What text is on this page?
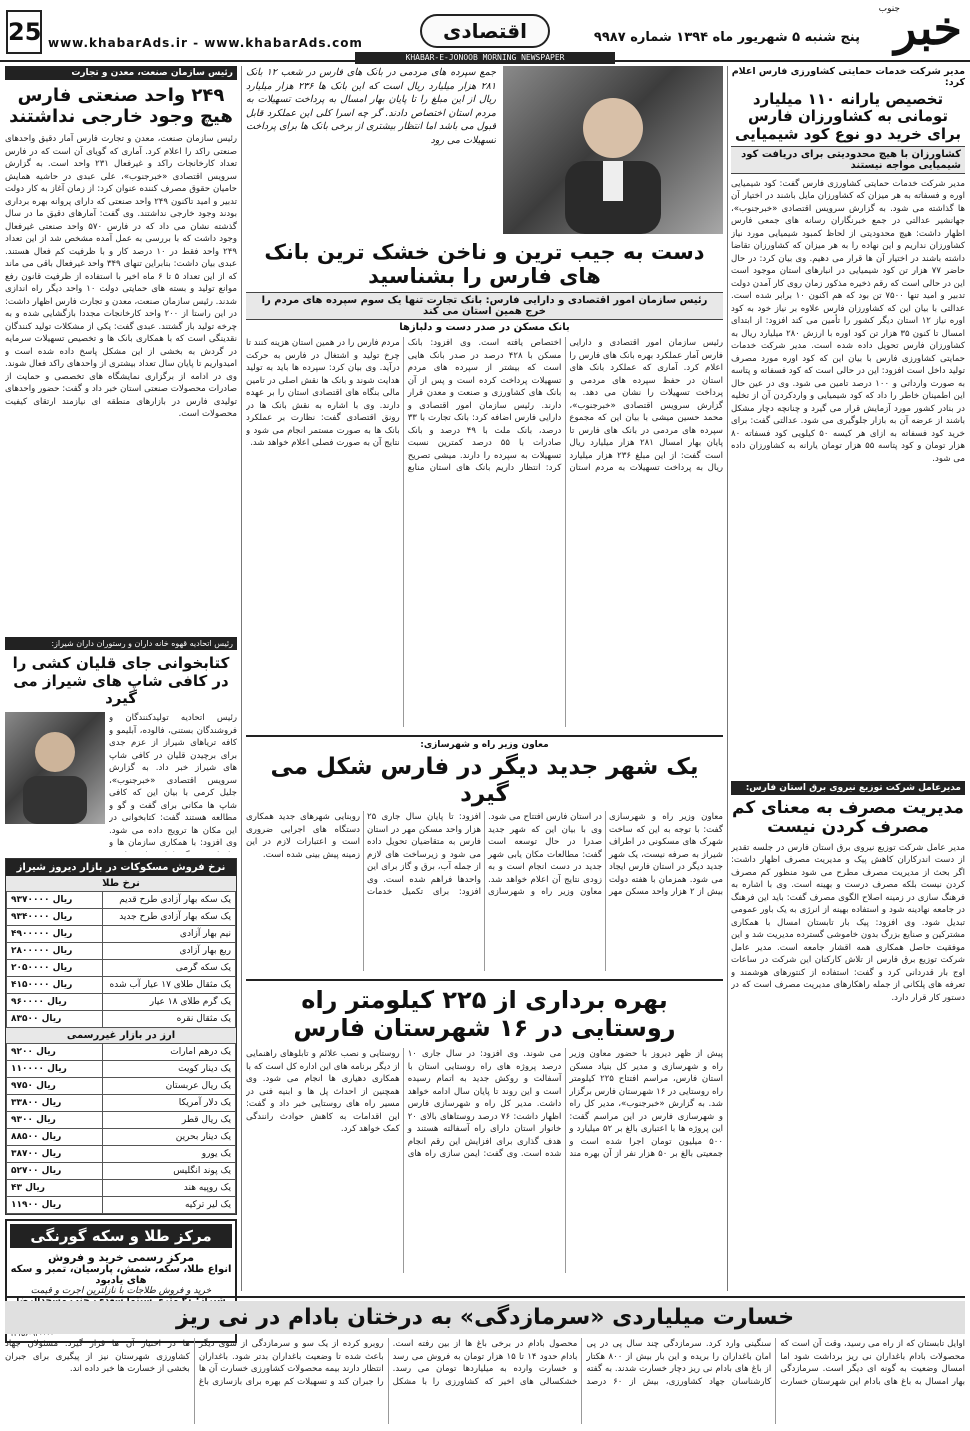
خبر
جنوب
پنج شنبه ۵ شهریور ماه ۱۳۹۴ شماره ۹۹۸۷
اقتصادی
KHABAR-E-JONOOB MORNING NEWSPAPER
www.khabarAds.ir - www.khabarAds.com
25
مدیر شرکت خدمات حمایتی کشاورزی فارس اعلام کرد:
تخصیص یارانه ۱۱۰ میلیارد تومانی به کشاورزان فارس برای خرید دو نوع کود شیمیایی
کشاورزان با هیچ محدودیتی برای دریافت کود شیمیایی مواجه نیستند
مدیر شرکت خدمات حمایتی کشاورزی فارس گفت: کود شیمیایی اوره و فسفاته به هر میزان که کشاورزان مایل باشند در اختیار آن ها گذاشته می شود. به گزارش سرویس اقتصادی «خبرجنوب»، جهانشیر عدالتی در جمع خبرنگاران رسانه های جمعی فارس اظهار داشت: هیچ محدودیتی از لحاظ کمبود شیمیایی مورد نیاز کشاورزان نداریم و این نهاده را به هر میزان که کشاورزان تقاضا داشته باشند در اختیار آن ها قرار می دهیم. وی بیان کرد: در حال حاضر ۷۷ هزار تن کود شیمیایی در انبارهای استان موجود است این در حالی است که رقم ذخیره مذکور زمان روی کار آمدن دولت تدبیر و امید تنها ۷۵۰۰ تن بود که هم اکنون ۱۰ برابر شده است. عدالتی با بیان این که کشاورزان فارس علاوه بر نیاز خود به کود اوره نیاز ۱۲ استان دیگر کشور را تأمین می کند افزود: از ابتدای امسال تا کنون ۳۵ هزار تن کود اوره با ارزش ۲۸۰ میلیارد ریال به کشاورزان فارس تحویل داده شده است. مدیر شرکت خدمات حمایتی کشاورزی فارس با بیان این که کود اوره مورد مصرف تولید داخل است افزود: این در حالی است که کود فسفاته و پتاسه به صورت وارداتی و ۱۰۰ درصد تامین می شود. وی در عین حال این اطمینان خاطر را داد که کود شیمیایی و واردکردن آن از تخلیه در بنادر کشور مورد آزمایش قرار می گیرد و چنانچه دچار مشکل باشند از عرضه آن به بازار جلوگیری می شود. عدالتی گفت: برای خرید کود فسفاته به ازای هر کیسه ۵۰ کیلویی کود فسفاته ۸۰ هزار تومان و کود پتاسه ۵۵ هزار تومان یارانه به کشاورزان داده می شود.
مدیرعامل شرکت توزیع نیروی برق استان فارس:
مدیریت مصرف به معنای کم مصرف کردن نیست
مدیر عامل شرکت توزیع نیروی برق استان فارس در جلسه تقدیر از دست اندرکاران کاهش پیک و مدیریت مصرف اظهار داشت: اگر بحث از مدیریت مصرف مطرح می شود منظور کم مصرف کردن نیست بلکه مصرف درست و بهینه است. وی با اشاره به فرهنگ سازی در زمینه اصلاح الگوی مصرف گفت: باید این فرهنگ در جامعه نهادینه شود و استفاده بهینه از انرژی به یک باور عمومی تبدیل شود. وی افزود: پیک بار تابستان امسال با همکاری مشترکین و صنایع بزرگ بدون خاموشی گسترده مدیریت شد و این موفقیت حاصل همکاری همه اقشار جامعه است. مدیر عامل شرکت توزیع برق فارس از تلاش کارکنان این شرکت در ساعات اوج بار قدردانی کرد و گفت: استفاده از کنتورهای هوشمند و تعرفه های پلکانی از جمله راهکارهای مدیریت مصرف است که در دستور کار قرار دارد.
جمع سپرده های مردمی در بانک های فارس در شعب ۱۲ بانک ۲۸۱ هزار میلیارد ریال است که این بانک ها ۲۳۶ هزار میلیارد ریال از این مبلغ را تا پایان بهار امسال به پرداخت تسهیلات به مردم استان اختصاص دادند. گر چه اسرا کلی این عملکرد قابل قبول می باشد اما انتظار بیشتری از برخی بانک ها برای پرداخت تسهیلات می رود
دست به جیب ترین و ناخن خشک ترین بانک های فارس را بشناسید
رئیس سازمان امور اقتصادی و دارایی فارس: بانک تجارت تنها یک سوم سپرده های مردم را خرج همین استان می کند
بانک مسکن در صدر دست و دلبازها
رئیس سازمان امور اقتصادی و دارایی فارس آمار عملکرد بهره بانک های فارس را اعلام کرد. آماری که عملکرد بانک های استان در حفظ سپرده های مردمی و پرداخت تسهیلات را نشان می دهد. به گزارش سرویس اقتصادی «خبرجنوب»، محمد حسین میشی با بیان این که مجموع سپرده های مردمی در بانک های فارس تا پایان بهار امسال ۲۸۱ هزار میلیارد ریال است گفت: از این مبلغ ۲۳۶ هزار میلیارد ریال به پرداخت تسهیلات به مردم استان اختصاص یافته است. وی افزود: بانک مسکن با ۴۲۸ درصد در صدر بانک هایی است که بیشتر از سپرده های مردم تسهیلات پرداخت کرده است و پس از آن بانک های کشاورزی و صنعت و معدن قرار دارند. رئیس سازمان امور اقتصادی و دارایی فارس اضافه کرد: بانک تجارت با ۳۳ درصد، بانک ملت با ۴۹ درصد و بانک صادرات با ۵۵ درصد کمترین نسبت تسهیلات به سپرده را دارند. میشی تصریح کرد: انتظار داریم بانک های استان منابع مردم فارس را در همین استان هزینه کنند تا چرخ تولید و اشتغال در فارس به حرکت درآید. وی بیان کرد: سپرده ها باید به تولید هدایت شوند و بانک ها نقش اصلی در تامین مالی بنگاه های اقتصادی استان را بر عهده دارند. وی با اشاره به نقش بانک ها در رونق اقتصادی گفت: نظارت بر عملکرد بانک ها به صورت مستمر انجام می شود و نتایج آن به صورت فصلی اعلام خواهد شد.
معاون وزیر راه و شهرسازی:
یک شهر جدید دیگر در فارس شکل می گیرد
معاون وزیر راه و شهرسازی گفت: با توجه به این که ساخت شهرک های مسکونی در اطراف شیراز به صرفه نیست، یک شهر جدید دیگر در استان فارس ایجاد می شود. همزمان با هفته دولت بیش از ۲ هزار واحد مسکن مهر در استان فارس افتتاح می شود. وی با بیان این که شهر جدید صدرا در حال توسعه است گفت: مطالعات مکان یابی شهر جدید در دست انجام است و به زودی نتایج آن اعلام خواهد شد. معاون وزیر راه و شهرسازی افزود: تا پایان سال جاری ۲۵ هزار واحد مسکن مهر در استان فارس به متقاضیان تحویل داده می شود و زیرساخت های لازم از جمله آب، برق و گاز برای این واحدها فراهم شده است. وی افزود: برای تکمیل خدمات روبنایی شهرهای جدید همکاری دستگاه های اجرایی ضروری است و اعتبارات لازم در این زمینه پیش بینی شده است.
بهره برداری از ۲۲۵ کیلومتر راه روستایی در ۱۶ شهرستان فارس
پیش از ظهر دیروز با حضور معاون وزیر راه و شهرسازی و مدیر کل بنیاد مسکن استان فارس، مراسم افتتاح ۲۲۵ کیلومتر راه روستایی در ۱۶ شهرستان فارس برگزار شد. به گزارش «خبرجنوب»، مدیر کل راه و شهرسازی فارس در این مراسم گفت: این پروژه ها با اعتباری بالغ بر ۵۲ میلیارد و ۵۰۰ میلیون تومان اجرا شده است و جمعیتی بالغ بر ۵۰ هزار نفر از آن بهره مند می شوند. وی افزود: در سال جاری ۱۰ درصد پروژه های راه روستایی استان با آسفالت و روکش جدید به اتمام رسیده است و این روند تا پایان سال ادامه خواهد داشت. مدیر کل راه و شهرسازی فارس اظهار داشت: ۷۶ درصد روستاهای بالای ۲۰ خانوار استان دارای راه آسفالته هستند و هدف گذاری برای افزایش این رقم انجام شده است. وی گفت: ایمن سازی راه های روستایی و نصب علائم و تابلوهای راهنمایی از دیگر برنامه های این اداره کل است که با همکاری دهیاری ها انجام می شود. وی همچنین از احداث پل ها و ابنیه فنی در مسیر راه های روستایی خبر داد و گفت: این اقدامات به کاهش حوادث رانندگی کمک خواهد کرد.
رئیس سازمان صنعت، معدن و تجارت
۲۴۹ واحد صنعتی فارس هیچ وجود خارجی نداشتند
رئیس سازمان صنعت، معدن و تجارت فارس آمار دقیق واحدهای صنعتی راکد را اعلام کرد. آماری که گویای آن است که در فارس تعداد کارخانجات راکد و غیرفعال ۲۳۱ واحد است. به گزارش سرویس اقتصادی «خبرجنوب»، علی عبدی در حاشیه همایش حامیان حقوق مصرف کننده عنوان کرد: از زمان آغاز به کار دولت تدبیر و امید تاکنون ۲۴۹ واحد صنعتی که دارای پروانه بهره برداری بودند وجود خارجی نداشتند. وی گفت: آمارهای دقیق ما در سال گذشته نشان می داد که در فارس ۵۷۰ واحد صنعتی غیرفعال وجود داشت که با بررسی به عمل آمده مشخص شد از این تعداد ۲۴۹ واحد فقط در ۱۰ درصد کار و با ظرفیت کم فعال هستند. عبدی بیان داشت: بنابراین تنهای ۳۴۹ واحد غیرفعال باقی می ماند که از این تعداد ۵ تا ۶ ماه اخیر با استفاده از ظرفیت قانون رفع موانع تولید و بسته های حمایتی دولت ۱۰ واحد دیگر راه اندازی شدند. رئیس سازمان صنعت، معدن و تجارت فارس اظهار داشت: در این راستا از ۲۰۰ واحد کارخانجات مجددا بازگشایی شده و به چرخه تولید باز گشتند. عبدی گفت: یکی از مشکلات تولید کنندگان نقدینگی است که با همکاری بانک ها و تخصیص تسهیلات سرمایه در گردش به بخشی از این مشکل پاسخ داده شده است و امیدواریم تا پایان سال تعداد بیشتری از واحدهای راکد فعال شوند. وی در ادامه از برگزاری نمایشگاه های تخصصی و حمایت از صادرات محصولات صنعتی استان خبر داد و گفت: حضور واحدهای تولیدی فارس در بازارهای منطقه ای نیازمند ارتقای کیفیت محصولات است.
رئیس اتحادیه قهوه خانه داران و رستوران داران شیراز:
کتابخوانی جای قلیان کشی را در کافی شاپ های شیراز می گیرد
رئیس اتحادیه تولیدکنندگان و فروشندگان بستنی، فالوده، آبلیمو و کافه تریاهای شیراز از عزم جدی برای برچیدن قلیان در کافی شاپ های شیراز خبر داد. به گزارش سرویس اقتصادی «خبرجنوب»، جلیل کرمی با بیان این که کافی شاپ ها مکانی برای گفت و گو و مطالعه هستند گفت: کتابخوانی در این مکان ها ترویج داده می شود. وی افزود: با همکاری سازمان ها و
نرخ فروش مسکوکات در بازار دیروز شیراز
نرخ طلا
یک سکه بهار آزادی طرح قدیم	۹۳۷۰۰۰۰ ریال
یک سکه بهار آزادی طرح جدید	۹۳۴۰۰۰۰ ریال
نیم بهار آزادی	۴۹۰۰۰۰۰ ریال
ربع بهار آزادی	۲۸۰۰۰۰۰ ریال
یک سکه گرمی	۲۰۵۰۰۰۰ ریال
یک مثقال طلای ۱۷ عیار آب شده	۴۱۵۰۰۰۰ ریال
یک گرم طلای ۱۸ عیار	۹۶۰۰۰۰ ریال
یک مثقال نقره	۸۳۵۰۰ ریال
ارز در بازار غیررسمی
یک درهم امارات	۹۲۰۰ ریال
یک دینار کویت	۱۱۰۰۰۰ ریال
یک ریال عربستان	۹۷۵۰ ریال
یک دلار آمریکا	۳۳۸۰۰ ریال
یک ریال قطر	۹۳۰۰ ریال
یک دینار بحرین	۸۸۵۰۰ ریال
یک یورو	۳۸۷۰۰ ریال
یک پوند انگلیس	۵۲۷۰۰ ریال
یک روپیه هند	۴۳ ریال
یک لیر ترکیه	۱۱۹۰۰ ریال
مرکز طلا و سکه گورنگی
مرکز رسمی خرید و فروش
انواع طلا، سکه، شمش، پارسیان، تمبر و سکه های یادبود
خرید و فروش طلاجات با نازلترین اجرت و قیمت
خسارت میلیاردی «سرمازدگی» به درختان بادام در نی ریز
اوایل تابستان که از راه می رسید، وقت آن است که محصولات بادام باغداران نی ریز برداشت شود اما امسال وضعیت به گونه ای دیگر است. سرمازدگی بهار امسال به باغ های بادام این شهرستان خسارت سنگینی وارد کرد. سرمازدگی چند سال پی در پی امان باغداران را بریده و این بار بیش از ۸۰۰ هکتار از باغ های بادام نی ریز دچار خسارت شدند. به گفته کارشناسان جهاد کشاورزی، بیش از ۶۰ درصد محصول بادام در برخی باغ ها از بین رفته است. بادام حدود ۱۴ تا ۱۵ هزار تومان به فروش می رسد و خسارت وارده به میلیاردها تومان می رسد. خشکسالی های اخیر که کشاورزی را با مشکل روبرو کرده از یک سو و سرمازدگی از سوی دیگر باعث شده تا وضعیت باغداران بدتر شود. باغداران انتظار دارند بیمه محصولات کشاورزی خسارت آن ها را جبران کند و تسهیلات کم بهره برای بازسازی باغ ها در اختیار آن ها قرار گیرد. مسئولان جهاد کشاورزی شهرستان نیز از پیگیری برای جبران بخشی از خسارت ها خبر داده اند.
